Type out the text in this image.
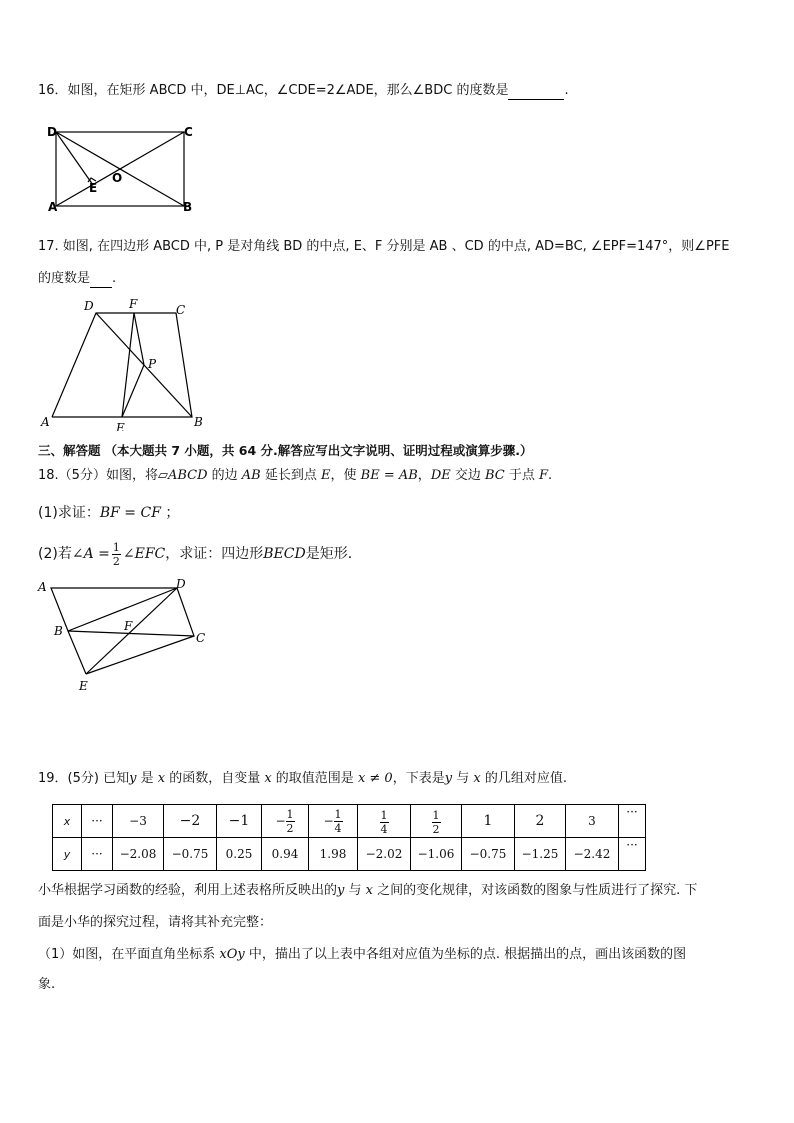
16．如图，在矩形 ABCD 中，DE⊥AC，∠CDE=2∠ADE，那么∠BDC 的度数是	.
D	C
A	B
E
O
17. 如图, 在四边形 ABCD 中, P 是对角线 BD 的中点, E、F 分别是 AB 、CD 的中点, AD=BC, ∠EPF=147°，则∠PFE
的度数是 .
D	F	C
P
A	E	B
三、解答题 （本大题共 7 小题，共 64 分.解答应写出文字说明、证明过程或演算步骤.）
18.（5分）如图，将▱ABCD 的边 AB 延长到点 E，使 BE = AB，DE 交边 BC 于点 F.
(1)求证：BF = CF ；
(2)若 ∠A = $\frac{1}{2}$ ∠EFC ，求证：四边形 BECD 是矩形.
A	D
B	F
C
E
19．(5分) 已知y 是 x 的函数，自变量 x 的取值范围是 x ≠ 0，下表是y 与 x 的几组对应值.
x	···	−3	−2	−1	− $\frac{1}{2}$	− $\frac{1}{4}$	$\frac{1}{4}$	$\frac{1}{2}$	1	2	3	···
y	···	−2.08	−0.75	0.25	0.94	1.98	−2.02	−1.06	−0.75	−1.25	−2.42	···
小华根据学习函数的经验，利用上述表格所反映出的y 与 x 之间的变化规律，对该函数的图象与性质进行了探究. 下
面是小华的探究过程，请将其补充完整：
（1）如图，在平面直角坐标系 xOy 中，描出了以上表中各组对应值为坐标的点. 根据描出的点，画出该函数的图
象.
